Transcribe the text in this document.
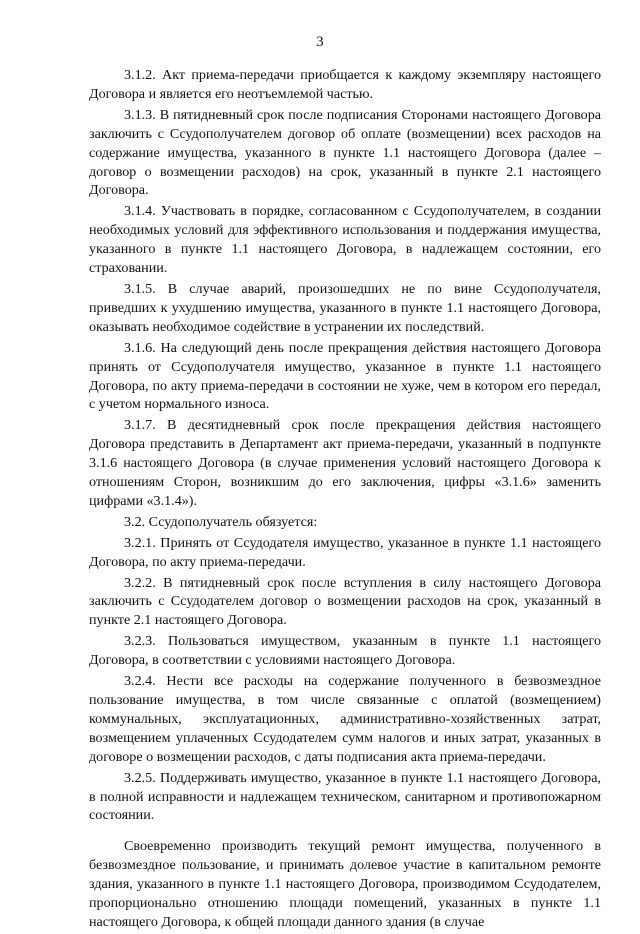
3

3.1.2. Акт приема-передачи приобщается к каждому экземпляру настоящего Договора и является его неотъемлемой частью.

3.1.3. В пятидневный срок после подписания Сторонами настоящего Договора заключить с Ссудополучателем договор об оплате (возмещении) всех расходов на содержание имущества, указанного в пункте 1.1 настоящего Договора (далее – договор о возмещении расходов) на срок, указанный в пункте 2.1 настоящего Договора.

3.1.4. Участвовать в порядке, согласованном с Ссудополучателем, в создании необходимых условий для эффективного использования и поддержания имущества, указанного в пункте 1.1 настоящего Договора, в надлежащем состоянии, его страховании.

3.1.5. В случае аварий, произошедших не по вине Ссудополучателя, приведших к ухудшению имущества, указанного в пункте 1.1 настоящего Договора, оказывать необходимое содействие в устранении их последствий.

3.1.6. На следующий день после прекращения действия настоящего Договора принять от Ссудополучателя имущество, указанное в пункте 1.1 настоящего Договора, по акту приема-передачи в состоянии не хуже, чем в котором его передал, с учетом нормального износа.

3.1.7. В десятидневный срок после прекращения действия настоящего Договора представить в Департамент акт приема-передачи, указанный в подпункте 3.1.6 настоящего Договора (в случае применения условий настоящего Договора к отношениям Сторон, возникшим до его заключения, цифры «3.1.6» заменить цифрами «3.1.4»).

3.2. Ссудополучатель обязуется:

3.2.1. Принять от Ссудодателя имущество, указанное в пункте 1.1 настоящего Договора, по акту приема-передачи.

3.2.2. В пятидневный срок после вступления в силу настоящего Договора заключить с Ссудодателем договор о возмещении расходов на срок, указанный в пункте 2.1 настоящего Договора.

3.2.3. Пользоваться имуществом, указанным в пункте 1.1 настоящего Договора, в соответствии с условиями настоящего Договора.

3.2.4. Нести все расходы на содержание полученного в безвозмездное пользование имущества, в том числе связанные с оплатой (возмещением) коммунальных, эксплуатационных, административно-хозяйственных затрат, возмещением уплаченных Ссудодателем сумм налогов и иных затрат, указанных в договоре о возмещении расходов, с даты подписания акта приема-передачи.

3.2.5. Поддерживать имущество, указанное в пункте 1.1 настоящего Договора, в полной исправности и надлежащем техническом, санитарном и противопожарном состоянии.

Своевременно производить текущий ремонт имущества, полученного в безвозмездное пользование, и принимать долевое участие в капитальном ремонте здания, указанного в пункте 1.1 настоящего Договора, производимом Ссудодателем, пропорционально отношению площади помещений, указанных в пункте 1.1 настоящего Договора, к общей площади данного здания (в случае
